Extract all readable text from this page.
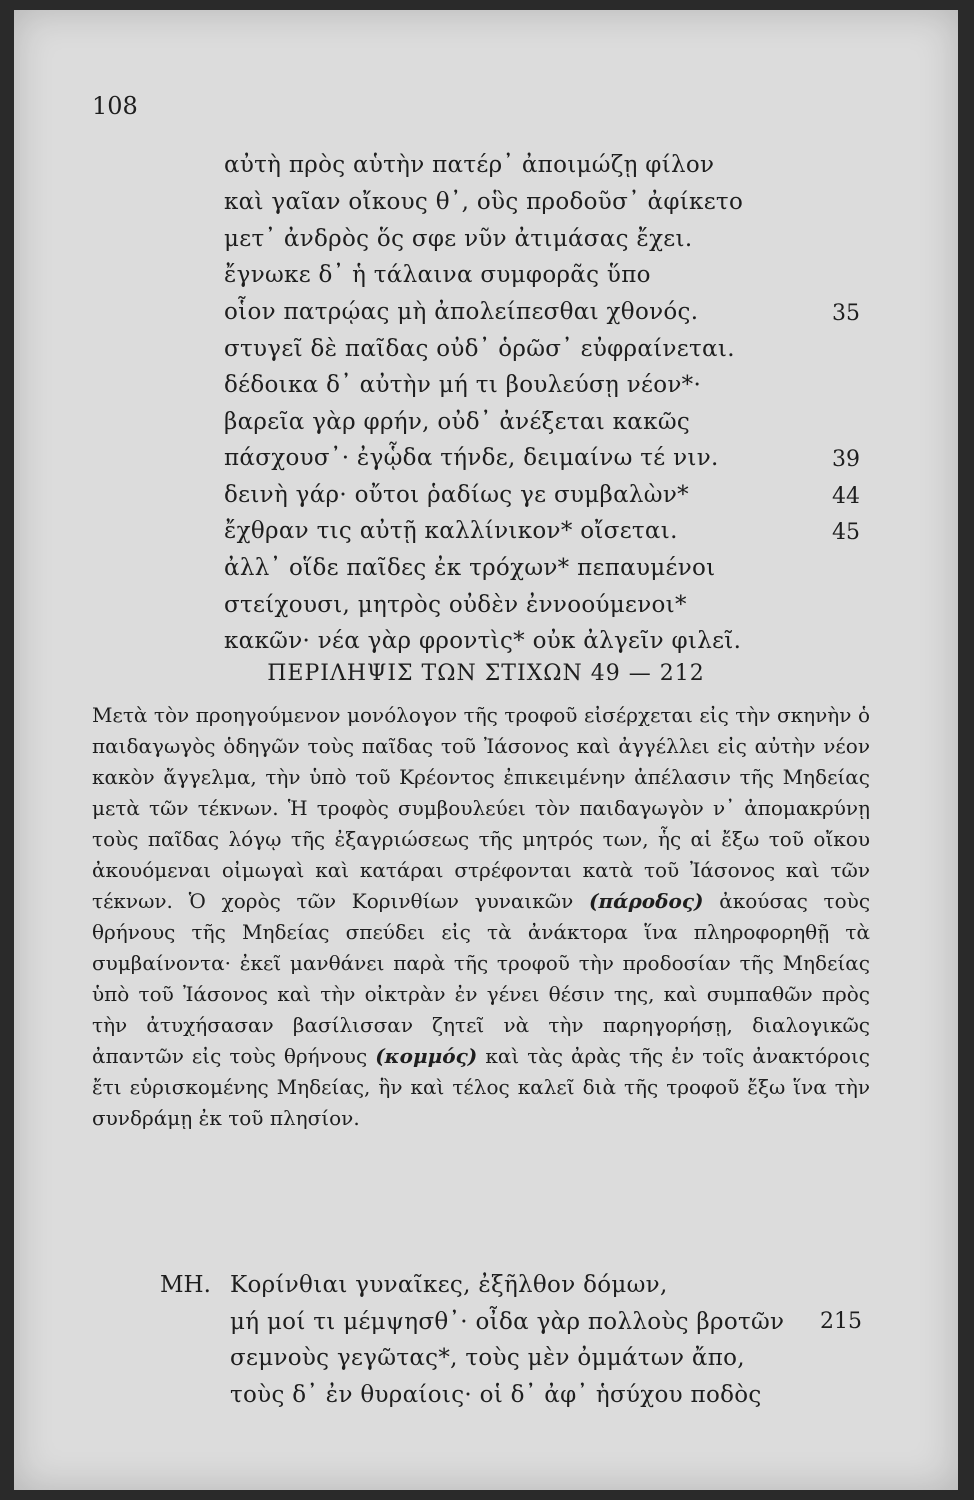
108
αὐτὴ πρὸς αὑτὴν πατέρ᾽ ἀποιμώζῃ φίλον
καὶ γαῖαν οἴκους θ᾽, οὓς προδοῦσ᾽ ἀφίκετο
μετ᾽ ἀνδρὸς ὅς σφε νῦν ἀτιμάσας ἔχει.
ἔγνωκε δ᾽ ἡ τάλαινα συμφορᾶς ὕπο
οἷον πατρῴας μὴ ἀπολείπεσθαι χθονός.	35
στυγεῖ δὲ παῖδας οὐδ᾽ ὁρῶσ᾽ εὐφραίνεται.
δέδοικα δ᾽ αὐτὴν μή τι βουλεύσῃ νέον*·
βαρεῖα γὰρ φρήν, οὐδ᾽ ἀνέξεται κακῶς
πάσχουσ᾽· ἐγᾧδα τήνδε, δειμαίνω τέ νιν.	39
δεινὴ γάρ· οὔτοι ῥαδίως γε συμβαλὼν*	44
ἔχθραν τις αὐτῇ καλλίνικον* οἴσεται.	45
ἀλλ᾽ οἵδε παῖδες ἐκ τρόχων* πεπαυμένοι
στείχουσι, μητρὸς οὐδὲν ἐννοούμενοι*
κακῶν· νέα γὰρ φροντὶς* οὐκ ἀλγεῖν φιλεῖ.
ΠΕΡΙΛΗΨΙΣ ΤΩΝ ΣΤΙΧΩΝ 49 — 212
Μετὰ τὸν προηγούμενον μονόλογον τῆς τροφοῦ εἰσέρχεται εἰς τὴν σκηνὴν ὁ παιδαγωγὸς ὁδηγῶν τοὺς παῖδας τοῦ Ἰάσονος καὶ ἀγγέλλει εἰς αὐτὴν νέον κακὸν ἄγγελμα, τὴν ὑπὸ τοῦ Κρέοντος ἐπικειμένην ἀπέλασιν τῆς Μηδείας μετὰ τῶν τέκνων. Ἡ τροφὸς συμβουλεύει τὸν παιδαγωγὸν ν᾽ ἀπομακρύνῃ τοὺς παῖδας λόγῳ τῆς ἐξαγριώσεως τῆς μητρός των, ἧς αἱ ἔξω τοῦ οἴκου ἀκουόμεναι οἰμωγαὶ καὶ κατάραι στρέφονται κατὰ τοῦ Ἰάσονος καὶ τῶν τέκνων. Ὁ χορὸς τῶν Κορινθίων γυναικῶν (πάροδος) ἀκούσας τοὺς θρήνους τῆς Μηδείας σπεύδει εἰς τὰ ἀνάκτορα ἵνα πληροφορηθῇ τὰ συμβαίνοντα· ἐκεῖ μανθάνει παρὰ τῆς τροφοῦ τὴν προδοσίαν τῆς Μηδείας ὑπὸ τοῦ Ἰάσονος καὶ τὴν οἰκτρὰν ἐν γένει θέσιν της, καὶ συμπαθῶν πρὸς τὴν ἀτυχήσασαν βασίλισσαν ζητεῖ νὰ τὴν παρηγορήσῃ, διαλογικῶς ἀπαντῶν εἰς τοὺς θρήνους (κομμός) καὶ τὰς ἀρὰς τῆς ἐν τοῖς ἀνακτόροις ἔτι εὑρισκομένης Μηδείας, ἣν καὶ τέλος καλεῖ διὰ τῆς τροφοῦ ἔξω ἵνα τὴν συνδράμῃ ἐκ τοῦ πλησίον.
ΜΗ. Κορίνθιαι γυναῖκες, ἐξῆλθον δόμων,
μή μοί τι μέμψησθ᾽· οἶδα γὰρ πολλοὺς βροτῶν 215
σεμνοὺς γεγῶτας*, τοὺς μὲν ὀμμάτων ἄπο,
τοὺς δ᾽ ἐν θυραίοις· οἱ δ᾽ ἀφ᾽ ἡσύχου ποδὸς
